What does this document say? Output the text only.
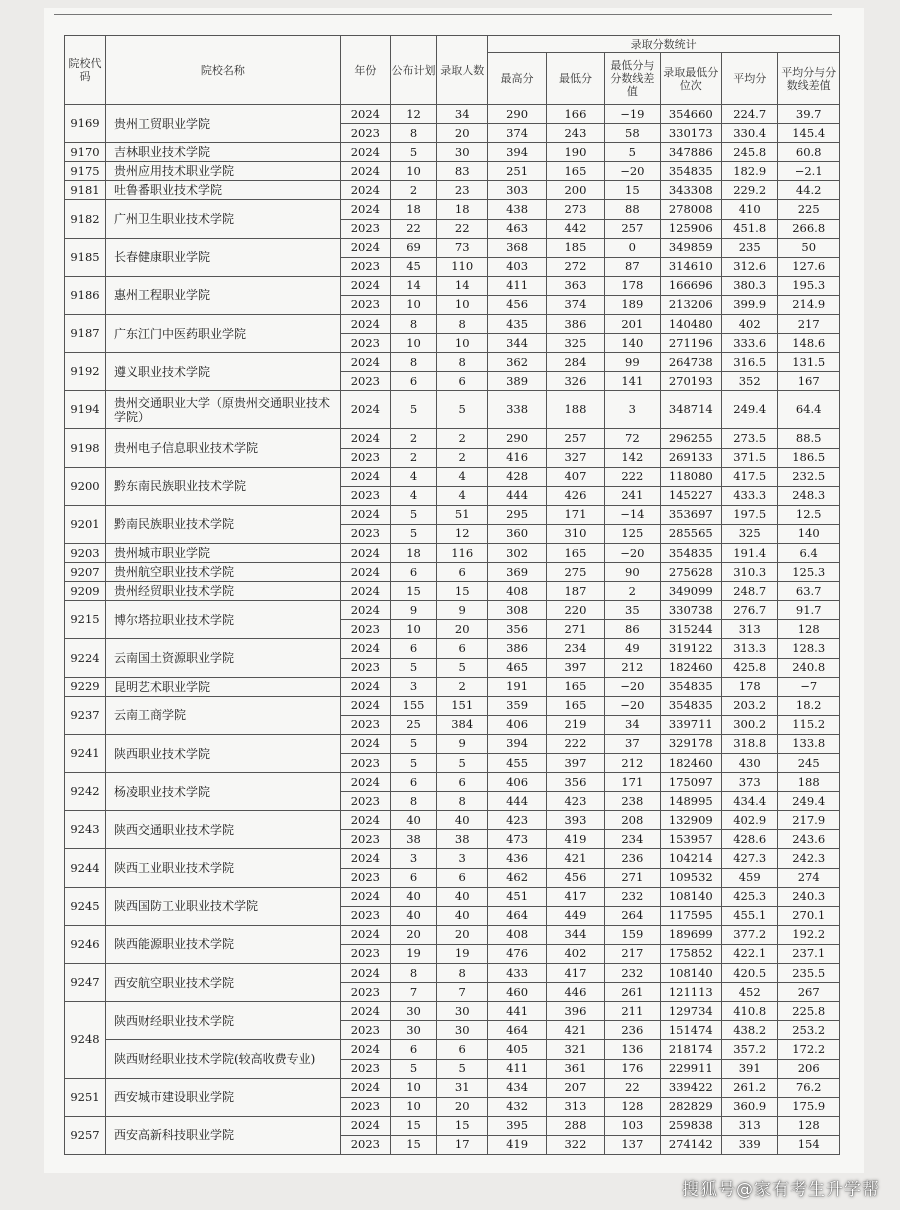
院校代码	院校名称	年份	公布计划	录取人数	录取分数统计					
					最高分	最低分	最低分与分数线差值	录取最低分位次	平均分	平均分与分数线差值
9169	贵州工贸职业学院	2024	12	34	290	166	−19	354660	224.7	39.7
		2023	8	20	374	243	58	330173	330.4	145.4
9170	吉林职业技术学院	2024	5	30	394	190	5	347886	245.8	60.8
9175	贵州应用技术职业学院	2024	10	83	251	165	−20	354835	182.9	−2.1
9181	吐鲁番职业技术学院	2024	2	23	303	200	15	343308	229.2	44.2
9182	广州卫生职业技术学院	2024	18	18	438	273	88	278008	410	225
		2023	22	22	463	442	257	125906	451.8	266.8
9185	长春健康职业学院	2024	69	73	368	185	0	349859	235	50
		2023	45	110	403	272	87	314610	312.6	127.6
9186	惠州工程职业学院	2024	14	14	411	363	178	166696	380.3	195.3
		2023	10	10	456	374	189	213206	399.9	214.9
9187	广东江门中医药职业学院	2024	8	8	435	386	201	140480	402	217
		2023	10	10	344	325	140	271196	333.6	148.6
9192	遵义职业技术学院	2024	8	8	362	284	99	264738	316.5	131.5
		2023	6	6	389	326	141	270193	352	167
9194	贵州交通职业大学（原贵州交通职业技术学院）	2024	5	5	338	188	3	348714	249.4	64.4
9198	贵州电子信息职业技术学院	2024	2	2	290	257	72	296255	273.5	88.5
		2023	2	2	416	327	142	269133	371.5	186.5
9200	黔东南民族职业技术学院	2024	4	4	428	407	222	118080	417.5	232.5
		2023	4	4	444	426	241	145227	433.3	248.3
9201	黔南民族职业技术学院	2024	5	51	295	171	−14	353697	197.5	12.5
		2023	5	12	360	310	125	285565	325	140
9203	贵州城市职业学院	2024	18	116	302	165	−20	354835	191.4	6.4
9207	贵州航空职业技术学院	2024	6	6	369	275	90	275628	310.3	125.3
9209	贵州经贸职业技术学院	2024	15	15	408	187	2	349099	248.7	63.7
9215	博尔塔拉职业技术学院	2024	9	9	308	220	35	330738	276.7	91.7
		2023	10	20	356	271	86	315244	313	128
9224	云南国土资源职业学院	2024	6	6	386	234	49	319122	313.3	128.3
		2023	5	5	465	397	212	182460	425.8	240.8
9229	昆明艺术职业学院	2024	3	2	191	165	−20	354835	178	−7
9237	云南工商学院	2024	155	151	359	165	−20	354835	203.2	18.2
		2023	25	384	406	219	34	339711	300.2	115.2
9241	陕西职业技术学院	2024	5	9	394	222	37	329178	318.8	133.8
		2023	5	5	455	397	212	182460	430	245
9242	杨凌职业技术学院	2024	6	6	406	356	171	175097	373	188
		2023	8	8	444	423	238	148995	434.4	249.4
9243	陕西交通职业技术学院	2024	40	40	423	393	208	132909	402.9	217.9
		2023	38	38	473	419	234	153957	428.6	243.6
9244	陕西工业职业技术学院	2024	3	3	436	421	236	104214	427.3	242.3
		2023	6	6	462	456	271	109532	459	274
9245	陕西国防工业职业技术学院	2024	40	40	451	417	232	108140	425.3	240.3
		2023	40	40	464	449	264	117595	455.1	270.1
9246	陕西能源职业技术学院	2024	20	20	408	344	159	189699	377.2	192.2
		2023	19	19	476	402	217	175852	422.1	237.1
9247	西安航空职业技术学院	2024	8	8	433	417	232	108140	420.5	235.5
		2023	7	7	460	446	261	121113	452	267
9248	陕西财经职业技术学院	2024	30	30	441	396	211	129734	410.8	225.8
		2023	30	30	464	421	236	151474	438.2	253.2
	陕西财经职业技术学院(较高收费专业)	2024	6	6	405	321	136	218174	357.2	172.2
		2023	5	5	411	361	176	229911	391	206
9251	西安城市建设职业学院	2024	10	31	434	207	22	339422	261.2	76.2
		2023	10	20	432	313	128	282829	360.9	175.9
9257	西安高新科技职业学院	2024	15	15	395	288	103	259838	313	128
		2023	15	17	419	322	137	274142	339	154
搜狐号@家有考生升学帮
